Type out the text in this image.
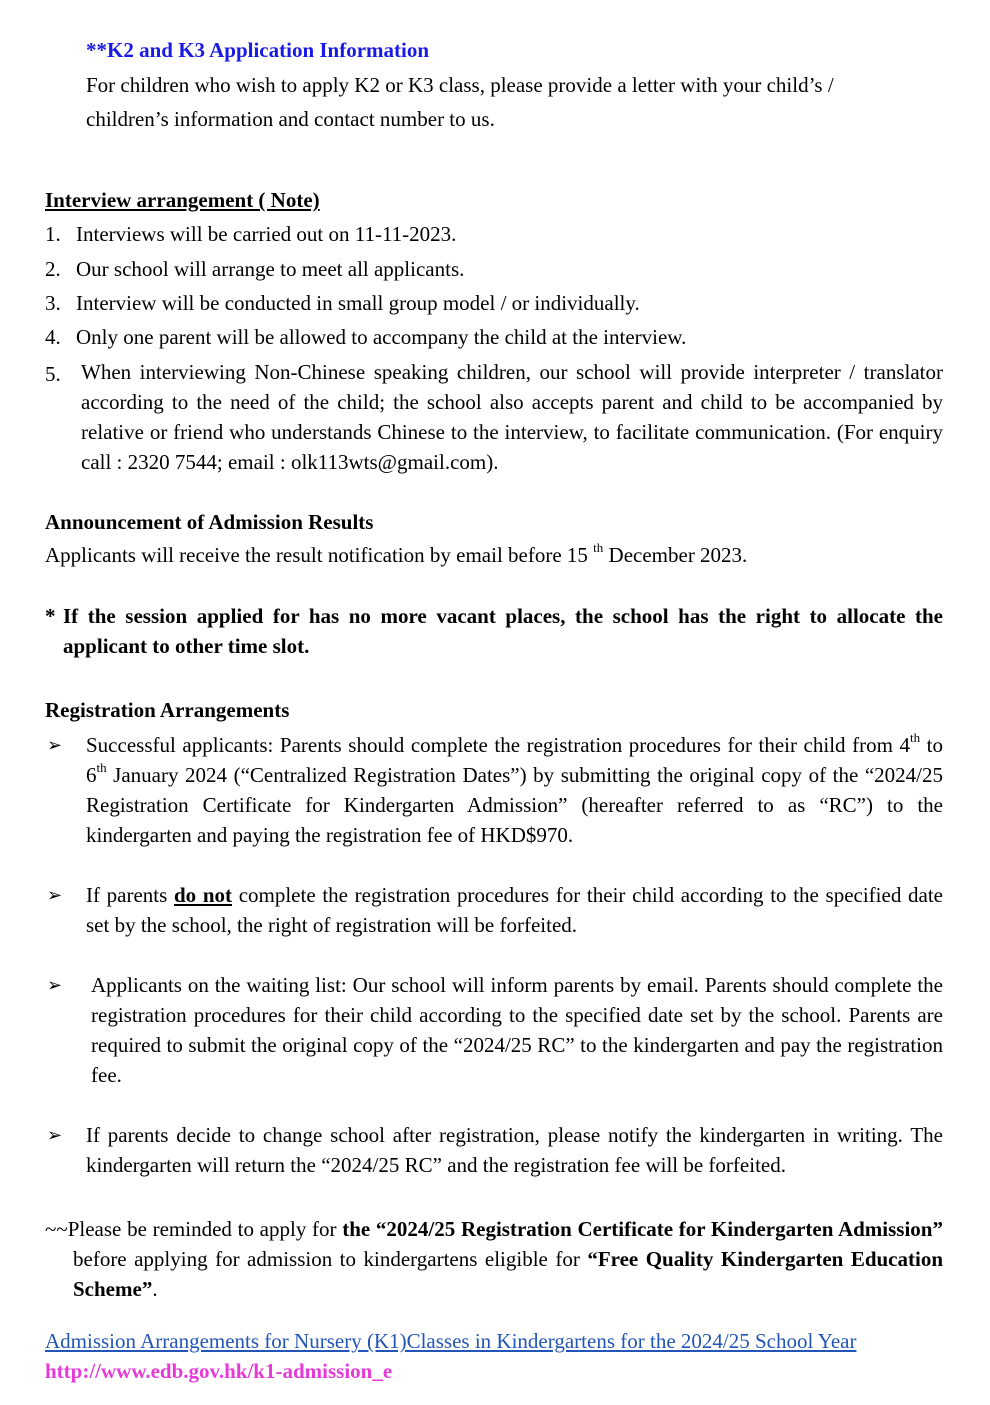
**K2 and K3 Application Information
For children who wish to apply K2 or K3 class, please provide a letter with your child’s /
children’s information and contact number to us.
Interview arrangement ( Note)
1. Interviews will be carried out on 11-11-2023.
2. Our school will arrange to meet all applicants.
3. Interview will be conducted in small group model / or individually.
4. Only one parent will be allowed to accompany the child at the interview.
5. When interviewing Non-Chinese speaking children, our school will provide interpreter / translator according to the need of the child; the school also accepts parent and child to be accompanied by relative or friend who understands Chinese to the interview, to facilitate communication. (For enquiry call : 2320 7544; email : olk113wts@gmail.com).
Announcement of Admission Results
Applicants will receive the result notification by email before 15 $^{th}$ December 2023.
* If the session applied for has no more vacant places, the school has the right to allocate the applicant to other time slot.
Registration Arrangements
➢ Successful applicants: Parents should complete the registration procedures for their child from 4th to 6th January 2024 (“Centralized Registration Dates”) by submitting the original copy of the “2024/25 Registration Certificate for Kindergarten Admission” (hereafter referred to as “RC”) to the kindergarten and paying the registration fee of HKD$970.
➢ If parents do not complete the registration procedures for their child according to the specified date set by the school, the right of registration will be forfeited.
➢ Applicants on the waiting list: Our school will inform parents by email. Parents should complete the registration procedures for their child according to the specified date set by the school. Parents are required to submit the original copy of the “2024/25 RC” to the kindergarten and pay the registration fee.
➢ If parents decide to change school after registration, please notify the kindergarten in writing. The kindergarten will return the “2024/25 RC” and the registration fee will be forfeited.
~~Please be reminded to apply for the “2024/25 Registration Certificate for Kindergarten Admission” before applying for admission to kindergartens eligible for “Free Quality Kindergarten Education Scheme”.
Admission Arrangements for Nursery (K1)Classes in Kindergartens for the 2024/25 School Year
http://www.edb.gov.hk/k1-admission_e
